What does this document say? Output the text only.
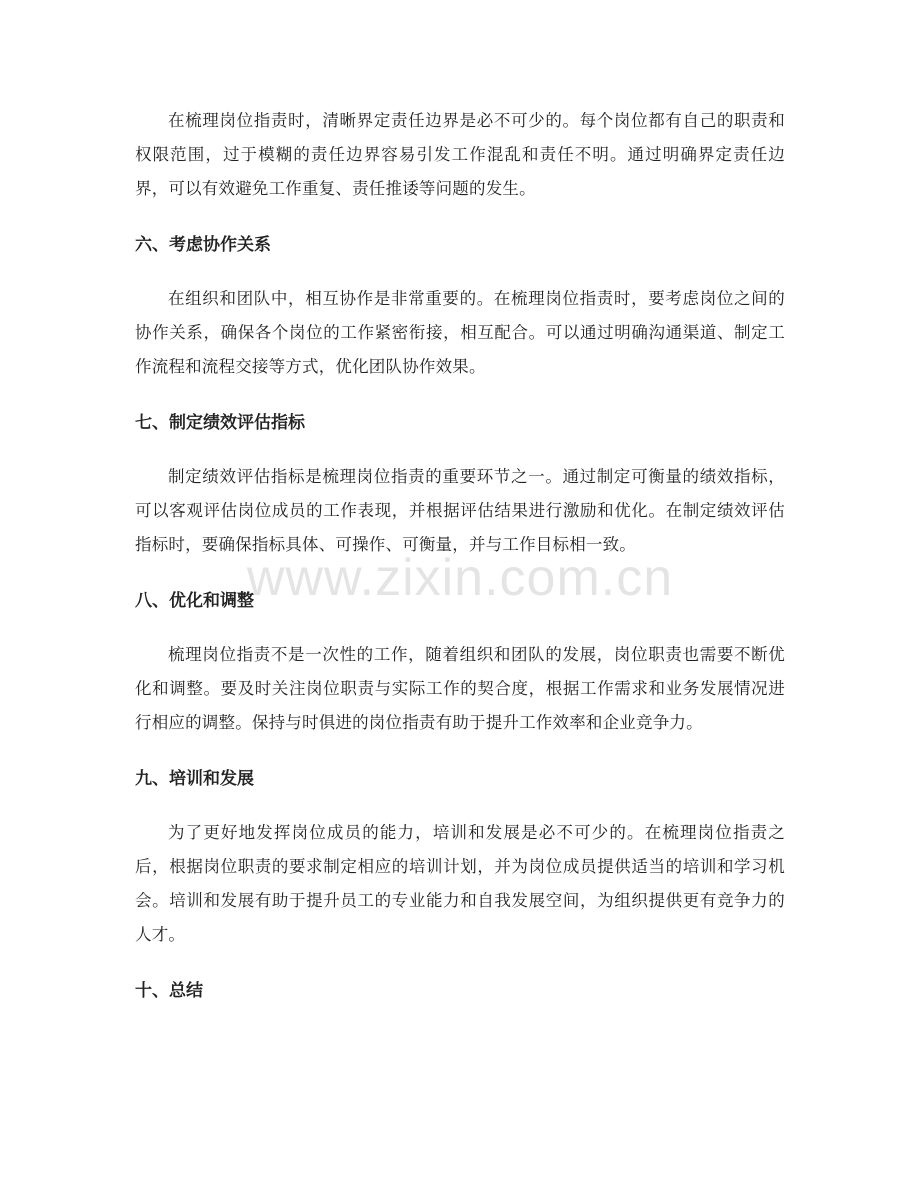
在梳理岗位指责时，清晰界定责任边界是必不可少的。每个岗位都有自己的职责和权限范围，过于模糊的责任边界容易引发工作混乱和责任不明。通过明确界定责任边界，可以有效避免工作重复、责任推诿等问题的发生。

六、考虑协作关系

在组织和团队中，相互协作是非常重要的。在梳理岗位指责时，要考虑岗位之间的协作关系，确保各个岗位的工作紧密衔接，相互配合。可以通过明确沟通渠道、制定工作流程和流程交接等方式，优化团队协作效果。

七、制定绩效评估指标

制定绩效评估指标是梳理岗位指责的重要环节之一。通过制定可衡量的绩效指标，可以客观评估岗位成员的工作表现，并根据评估结果进行激励和优化。在制定绩效评估指标时，要确保指标具体、可操作、可衡量，并与工作目标相一致。

八、优化和调整

梳理岗位指责不是一次性的工作，随着组织和团队的发展，岗位职责也需要不断优化和调整。要及时关注岗位职责与实际工作的契合度，根据工作需求和业务发展情况进行相应的调整。保持与时俱进的岗位指责有助于提升工作效率和企业竞争力。

九、培训和发展

为了更好地发挥岗位成员的能力，培训和发展是必不可少的。在梳理岗位指责之后，根据岗位职责的要求制定相应的培训计划，并为岗位成员提供适当的培训和学习机会。培训和发展有助于提升员工的专业能力和自我发展空间，为组织提供更有竞争力的人才。

十、总结
www.zixin.com.cn
